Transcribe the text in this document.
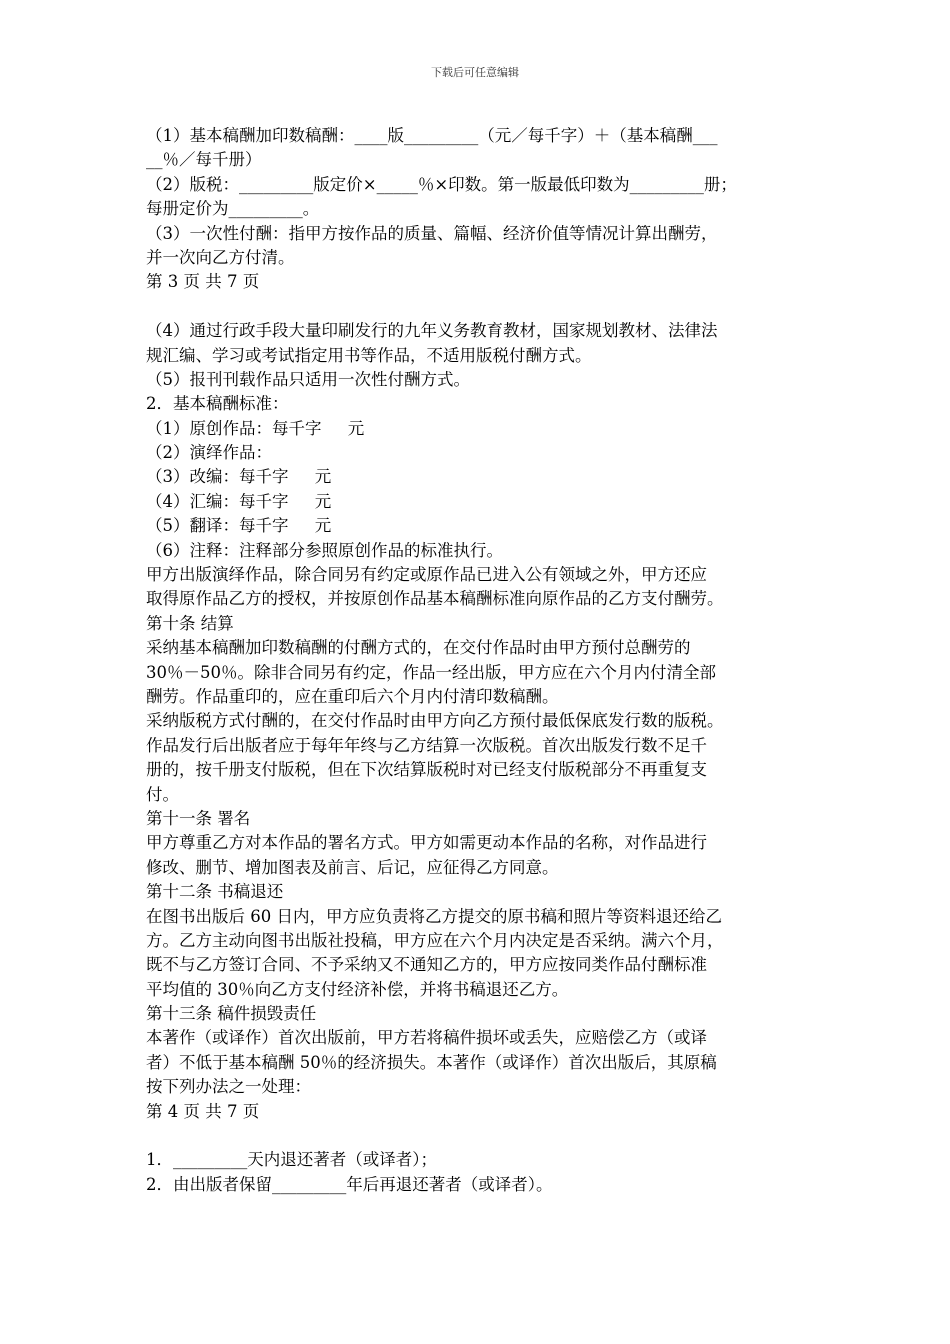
下载后可任意编辑
（1）基本稿酬加印数稿酬：____版_________（元／每千字）＋（基本稿酬___
__％／每千册）
（2）版税：_________版定价×_____％×印数。第一版最低印数为_________册；
每册定价为_________。
（3）一次性付酬：指甲方按作品的质量、篇幅、经济价值等情况计算出酬劳，
并一次向乙方付清。
第 3 页 共 7 页
（4）通过行政手段大量印刷发行的九年义务教育教材，国家规划教材、法律法
规汇编、学习或考试指定用书等作品，不适用版税付酬方式。
（5）报刊刊载作品只适用一次性付酬方式。
2．基本稿酬标准：
（1）原创作品：每千字     元
（2）演绎作品：
（3）改编：每千字     元
（4）汇编：每千字     元
（5）翻译：每千字     元
（6）注释：注释部分参照原创作品的标准执行。
甲方出版演绎作品，除合同另有约定或原作品已进入公有领域之外，甲方还应
取得原作品乙方的授权，并按原创作品基本稿酬标准向原作品的乙方支付酬劳。
第十条 结算
采纳基本稿酬加印数稿酬的付酬方式的，在交付作品时由甲方预付总酬劳的
30％－50％。除非合同另有约定，作品一经出版，甲方应在六个月内付清全部
酬劳。作品重印的，应在重印后六个月内付清印数稿酬。
采纳版税方式付酬的，在交付作品时由甲方向乙方预付最低保底发行数的版税。
作品发行后出版者应于每年年终与乙方结算一次版税。首次出版发行数不足千
册的，按千册支付版税，但在下次结算版税时对已经支付版税部分不再重复支
付。
第十一条 署名
甲方尊重乙方对本作品的署名方式。甲方如需更动本作品的名称，对作品进行
修改、删节、增加图表及前言、后记，应征得乙方同意。
第十二条 书稿退还
在图书出版后 60 日内，甲方应负责将乙方提交的原书稿和照片等资料退还给乙
方。乙方主动向图书出版社投稿，甲方应在六个月内决定是否采纳。满六个月，
既不与乙方签订合同、不予采纳又不通知乙方的，甲方应按同类作品付酬标准
平均值的 30％向乙方支付经济补偿，并将书稿退还乙方。
第十三条 稿件损毁责任
本著作（或译作）首次出版前，甲方若将稿件损坏或丢失，应赔偿乙方（或译
者）不低于基本稿酬 50％的经济损失。本著作（或译作）首次出版后，其原稿
按下列办法之一处理：
第 4 页 共 7 页
1．_________天内退还著者（或译者）；
2．由出版者保留_________年后再退还著者（或译者）。
